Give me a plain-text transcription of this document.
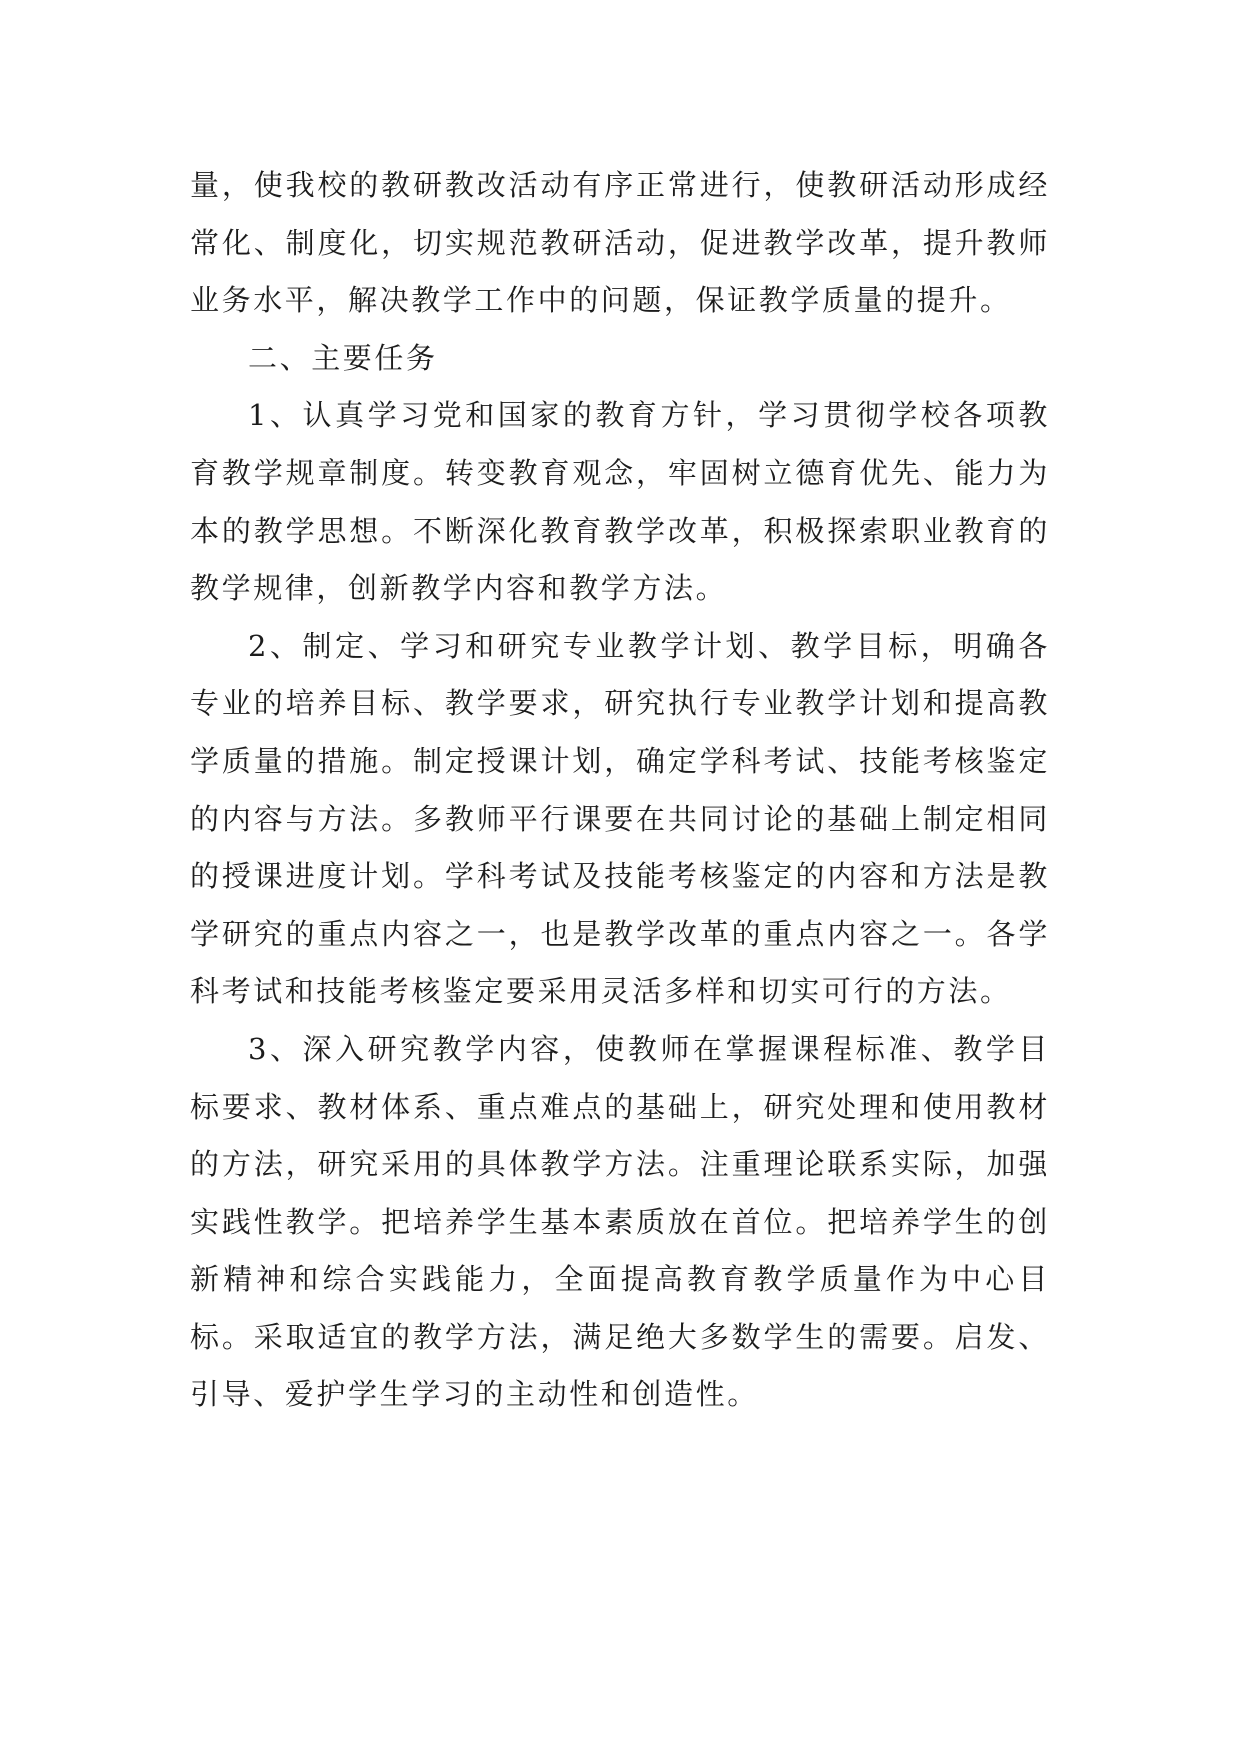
量，使我校的教研教改活动有序正常进行，使教研活动形成经常化、制度化，切实规范教研活动，促进教学改革，提升教师业务水平，解决教学工作中的问题，保证教学质量的提升。

二、主要任务

1、认真学习党和国家的教育方针，学习贯彻学校各项教育教学规章制度。转变教育观念，牢固树立德育优先、能力为本的教学思想。不断深化教育教学改革，积极探索职业教育的教学规律，创新教学内容和教学方法。

2、制定、学习和研究专业教学计划、教学目标，明确各专业的培养目标、教学要求，研究执行专业教学计划和提高教学质量的措施。制定授课计划，确定学科考试、技能考核鉴定的内容与方法。多教师平行课要在共同讨论的基础上制定相同的授课进度计划。学科考试及技能考核鉴定的内容和方法是教学研究的重点内容之一，也是教学改革的重点内容之一。各学科考试和技能考核鉴定要采用灵活多样和切实可行的方法。

3、深入研究教学内容，使教师在掌握课程标准、教学目标要求、教材体系、重点难点的基础上，研究处理和使用教材的方法，研究采用的具体教学方法。注重理论联系实际，加强实践性教学。把培养学生基本素质放在首位。把培养学生的创新精神和综合实践能力，全面提高教育教学质量作为中心目标。采取适宜的教学方法，满足绝大多数学生的需要。启发、引导、爱护学生学习的主动性和创造性。
